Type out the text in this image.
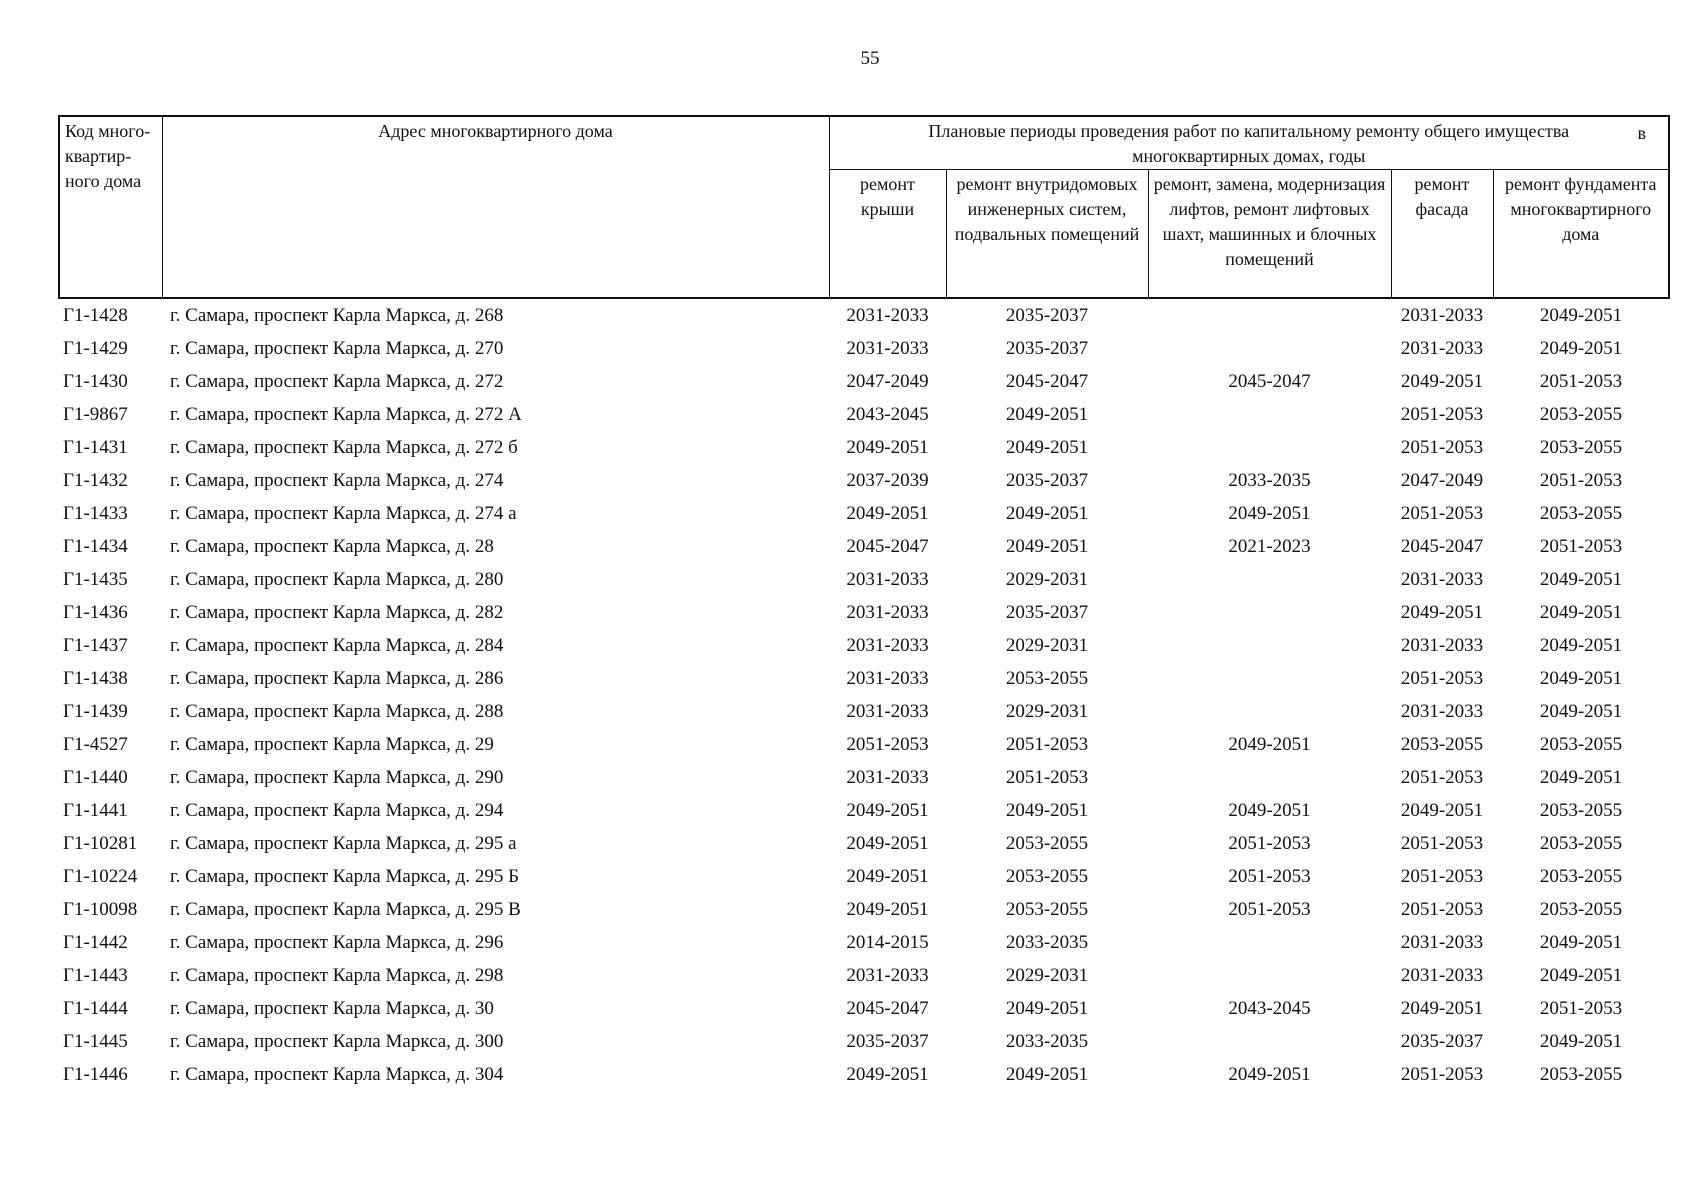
55
Код много-квартир-ного дома	Адрес многоквартирного дома	Плановые периоды проведения работ по капитальному ремонту общего имущества многоквартирных домах, годы
в				

		ремонт крыши	ремонт внутридомовых инженерных систем, подвальных помещений	ремонт, замена, модернизация лифтов, ремонт лифтовых шахт, машинных и блочных помещений	ремонт фасада	ремонт фундамента многоквартирного дома
Г1-1428	г. Самара, проспект Карла Маркса, д. 268	2031-2033	2035-2037		2031-2033	2049-2051
Г1-1429	г. Самара, проспект Карла Маркса, д. 270	2031-2033	2035-2037		2031-2033	2049-2051
Г1-1430	г. Самара, проспект Карла Маркса, д. 272	2047-2049	2045-2047	2045-2047	2049-2051	2051-2053
Г1-9867	г. Самара, проспект Карла Маркса, д. 272 А	2043-2045	2049-2051		2051-2053	2053-2055
Г1-1431	г. Самара, проспект Карла Маркса, д. 272 б	2049-2051	2049-2051		2051-2053	2053-2055
Г1-1432	г. Самара, проспект Карла Маркса, д. 274	2037-2039	2035-2037	2033-2035	2047-2049	2051-2053
Г1-1433	г. Самара, проспект Карла Маркса, д. 274 а	2049-2051	2049-2051	2049-2051	2051-2053	2053-2055
Г1-1434	г. Самара, проспект Карла Маркса, д. 28	2045-2047	2049-2051	2021-2023	2045-2047	2051-2053
Г1-1435	г. Самара, проспект Карла Маркса, д. 280	2031-2033	2029-2031		2031-2033	2049-2051
Г1-1436	г. Самара, проспект Карла Маркса, д. 282	2031-2033	2035-2037		2049-2051	2049-2051
Г1-1437	г. Самара, проспект Карла Маркса, д. 284	2031-2033	2029-2031		2031-2033	2049-2051
Г1-1438	г. Самара, проспект Карла Маркса, д. 286	2031-2033	2053-2055		2051-2053	2049-2051
Г1-1439	г. Самара, проспект Карла Маркса, д. 288	2031-2033	2029-2031		2031-2033	2049-2051
Г1-4527	г. Самара, проспект Карла Маркса, д. 29	2051-2053	2051-2053	2049-2051	2053-2055	2053-2055
Г1-1440	г. Самара, проспект Карла Маркса, д. 290	2031-2033	2051-2053		2051-2053	2049-2051
Г1-1441	г. Самара, проспект Карла Маркса, д. 294	2049-2051	2049-2051	2049-2051	2049-2051	2053-2055
Г1-10281	г. Самара, проспект Карла Маркса, д. 295 а	2049-2051	2053-2055	2051-2053	2051-2053	2053-2055
Г1-10224	г. Самара, проспект Карла Маркса, д. 295 Б	2049-2051	2053-2055	2051-2053	2051-2053	2053-2055
Г1-10098	г. Самара, проспект Карла Маркса, д. 295 В	2049-2051	2053-2055	2051-2053	2051-2053	2053-2055
Г1-1442	г. Самара, проспект Карла Маркса, д. 296	2014-2015	2033-2035		2031-2033	2049-2051
Г1-1443	г. Самара, проспект Карла Маркса, д. 298	2031-2033	2029-2031		2031-2033	2049-2051
Г1-1444	г. Самара, проспект Карла Маркса, д. 30	2045-2047	2049-2051	2043-2045	2049-2051	2051-2053
Г1-1445	г. Самара, проспект Карла Маркса, д. 300	2035-2037	2033-2035		2035-2037	2049-2051
Г1-1446	г. Самара, проспект Карла Маркса, д. 304	2049-2051	2049-2051	2049-2051	2051-2053	2053-2055
